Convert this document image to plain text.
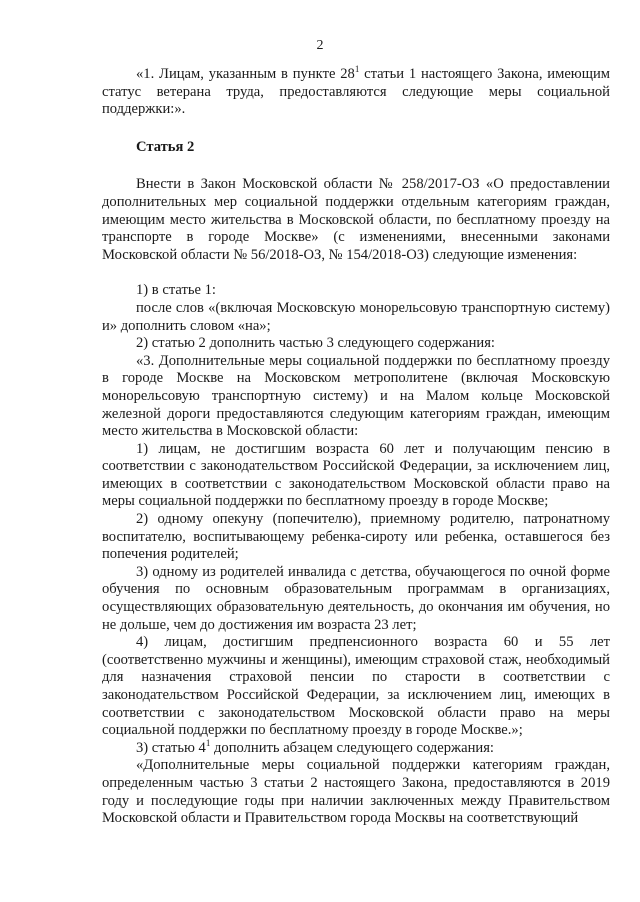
2

«1. Лицам, указанным в пункте $28^1$ статьи 1 настоящего Закона, имеющим статус ветерана труда, предоставляются следующие меры социальной поддержки:».

Статья 2

Внести в Закон Московской области № 258/2017-ОЗ «О предоставлении дополнительных мер социальной поддержки отдельным категориям граждан, имеющим место жительства в Московской области, по бесплатному проезду на транспорте в городе Москве» (с изменениями, внесенными законами Московской области № 56/2018-ОЗ, № 154/2018-ОЗ) следующие изменения:

1) в статье 1:

после слов «(включая Московскую монорельсовую транспортную систему) и» дополнить словом «на»;

2) статью 2 дополнить частью 3 следующего содержания:

«3. Дополнительные меры социальной поддержки по бесплатному проезду в городе Москве на Московском метрополитене (включая Московскую монорельсовую транспортную систему) и на Малом кольце Московской железной дороги предоставляются следующим категориям граждан, имеющим место жительства в Московской области:

1) лицам, не достигшим возраста 60 лет и получающим пенсию в соответствии с законодательством Российской Федерации, за исключением лиц, имеющих в соответствии с законодательством Московской области право на меры социальной поддержки по бесплатному проезду в городе Москве;

2) одному опекуну (попечителю), приемному родителю, патронатному воспитателю, воспитывающему ребенка-сироту или ребенка, оставшегося без попечения родителей;

3) одному из родителей инвалида с детства, обучающегося по очной форме обучения по основным образовательным программам в организациях, осуществляющих образовательную деятельность, до окончания им обучения, но не дольше, чем до достижения им возраста 23 лет;

4) лицам, достигшим предпенсионного возраста 60 и 55 лет (соответственно мужчины и женщины), имеющим страховой стаж, необходимый для назначения страховой пенсии по старости в соответствии с законодательством Российской Федерации, за исключением лиц, имеющих в соответствии с законодательством Московской области право на меры социальной поддержки по бесплатному проезду в городе Москве.»;

3) статью $4^1$ дополнить абзацем следующего содержания:

«Дополнительные меры социальной поддержки категориям граждан, определенным частью 3 статьи 2 настоящего Закона, предоставляются в 2019 году и последующие годы при наличии заключенных между Правительством Московской области и Правительством города Москвы на соответствующий
